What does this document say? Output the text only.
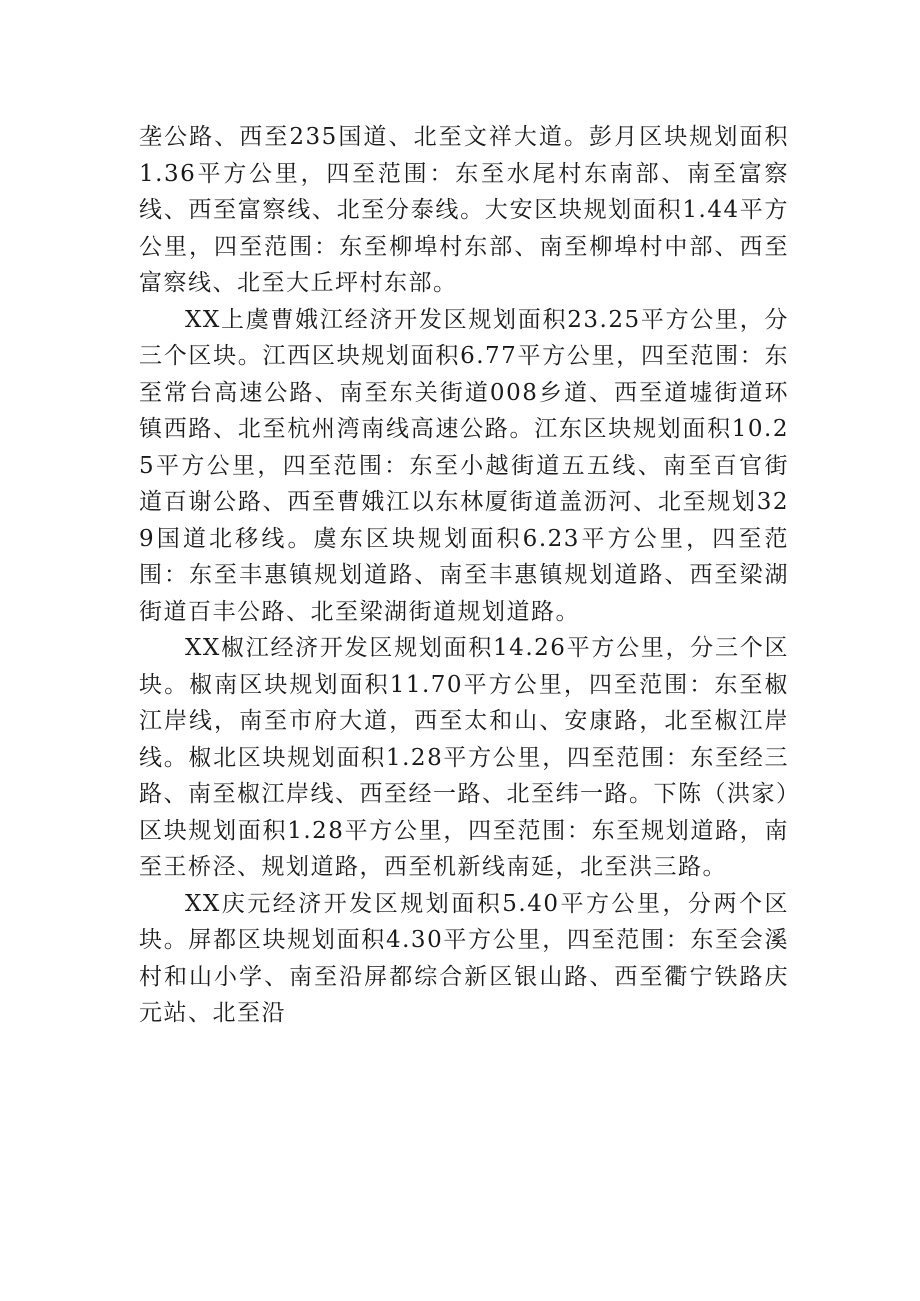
垄公路、西至235国道、北至文祥大道。彭月区块规划面积1.36平方公里，四至范围：东至水尾村东南部、南至富察线、西至富察线、北至分泰线。大安区块规划面积1.44平方公里，四至范围：东至柳埠村东部、南至柳埠村中部、西至富察线、北至大丘坪村东部。

XX上虞曹娥江经济开发区规划面积23.25平方公里，分三个区块。江西区块规划面积6.77平方公里，四至范围：东至常台高速公路、南至东关街道008乡道、西至道墟街道环镇西路、北至杭州湾南线高速公路。江东区块规划面积10.25平方公里，四至范围：东至小越街道五五线、南至百官街道百谢公路、西至曹娥江以东林厦街道盖沥河、北至规划329国道北移线。虞东区块规划面积6.23平方公里，四至范围：东至丰惠镇规划道路、南至丰惠镇规划道路、西至梁湖街道百丰公路、北至梁湖街道规划道路。

XX椒江经济开发区规划面积14.26平方公里，分三个区块。椒南区块规划面积11.70平方公里，四至范围：东至椒江岸线，南至市府大道，西至太和山、安康路，北至椒江岸线。椒北区块规划面积1.28平方公里，四至范围：东至经三路、南至椒江岸线、西至经一路、北至纬一路。下陈（洪家）区块规划面积1.28平方公里，四至范围：东至规划道路，南至王桥泾、规划道路，西至机新线南延，北至洪三路。

XX庆元经济开发区规划面积5.40平方公里，分两个区块。屏都区块规划面积4.30平方公里，四至范围：东至会溪村和山小学、南至沿屏都综合新区银山路、西至衢宁铁路庆元站、北至沿
